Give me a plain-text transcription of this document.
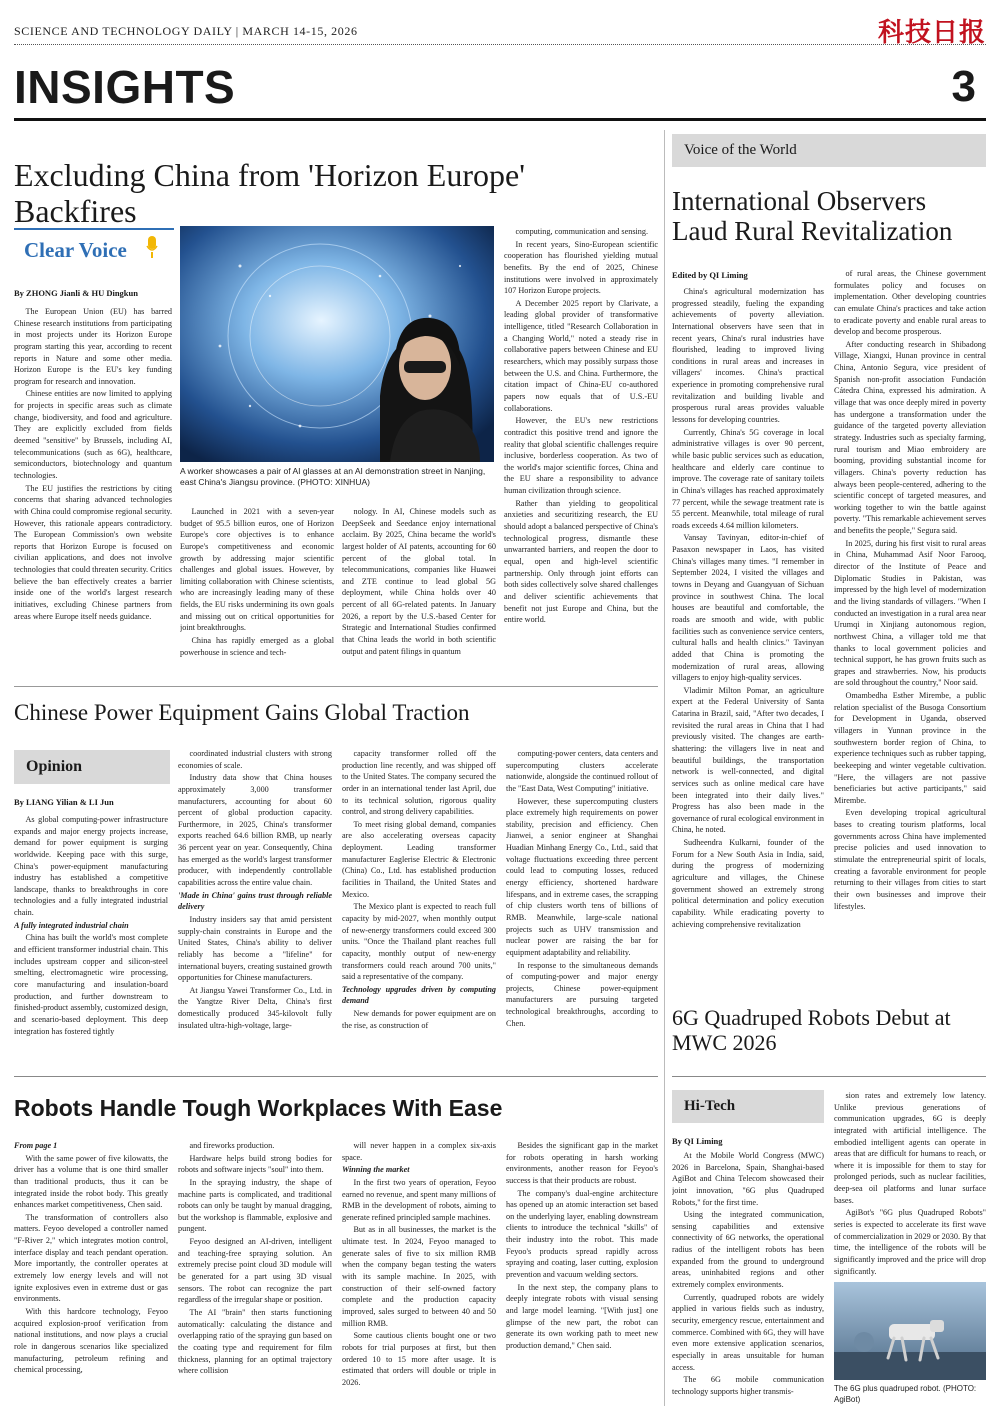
SCIENCE AND TECHNOLOGY DAILY | MARCH 14-15, 2026	科技日报
INSIGHTS	3
Excluding China from 'Horizon Europe' Backfires
Clear Voice
By ZHONG Jianli & HU Dingkun

The European Union (EU) has barred Chinese research institutions from participating in most projects under its Horizon Europe program starting this year, according to recent reports in Nature and some other media. Horizon Europe is the EU's key funding program for research and innovation.

Chinese entities are now limited to applying for projects in specific areas such as climate change, biodiversity, and food and agriculture. They are explicitly excluded from fields deemed "sensitive" by Brussels, including AI, telecommunications (such as 6G), healthcare, semiconductors, biotechnology and quantum technologies.

The EU justifies the restrictions by citing concerns that sharing advanced technologies with China could compromise regional security. However, this rationale appears contradictory. The European Commission's own website reports that Horizon Europe is focused on civilian applications, and does not involve technologies that could threaten security. Critics believe the ban effectively creates a barrier inside one of the world's largest research initiatives, excluding Chinese partners from areas where Europe itself needs guidance.

A worker showcases a pair of AI glasses at an AI demonstration street in Nanjing, east China's Jiangsu province. (PHOTO: XINHUA)

Launched in 2021 with a seven-year budget of 95.5 billion euros, one of Horizon Europe's core objectives is to enhance Europe's competitiveness and economic growth by addressing major scientific challenges and global issues. However, by limiting collaboration with Chinese scientists, who are increasingly leading many of these fields, the EU risks undermining its own goals and missing out on critical opportunities for joint breakthroughs.

China has rapidly emerged as a global powerhouse in science and tech-

nology. In AI, Chinese models such as DeepSeek and Seedance enjoy international acclaim. By 2025, China became the world's largest holder of AI patents, accounting for 60 percent of the global total. In telecommunications, companies like Huawei and ZTE continue to lead global 5G deployment, while China holds over 40 percent of all 6G-related patents. In January 2026, a report by the U.S.-based Center for Strategic and International Studies confirmed that China leads the world in both scientific output and patent filings in quantum

computing, communication and sensing.

In recent years, Sino-European scientific cooperation has flourished yielding mutual benefits. By the end of 2025, Chinese institutions were involved in approximately 107 Horizon Europe projects.

A December 2025 report by Clarivate, a leading global provider of transformative intelligence, titled "Research Collaboration in a Changing World," noted a steady rise in collaborative papers between Chinese and EU researchers, which may possibly surpass those between the U.S. and China. Furthermore, the citation impact of China-EU co-authored papers now equals that of U.S.-EU collaborations.

However, the EU's new restrictions contradict this positive trend and ignore the reality that global scientific challenges require inclusive, borderless cooperation. As two of the world's major scientific forces, China and the EU share a responsibility to advance human civilization through science.

Rather than yielding to geopolitical anxieties and securitizing research, the EU should adopt a balanced perspective of China's technological progress, dismantle these unwarranted barriers, and reopen the door to equal, open and high-level scientific partnership. Only through joint efforts can both sides collectively solve shared challenges and deliver scientific achievements that benefit not just Europe and China, but the entire world.

Chinese Power Equipment Gains Global Traction
Opinion
By LIANG Yilian & LI Jun

As global computing-power infrastructure expands and major energy projects increase, demand for power equipment is surging worldwide. Keeping pace with this surge, China's power-equipment manufacturing industry has established a competitive landscape, thanks to breakthroughs in core technologies and a fully integrated industrial chain.

A fully integrated industrial chain

China has built the world's most complete and efficient transformer industrial chain. This includes upstream copper and silicon-steel smelting, electromagnetic wire processing, core manufacturing and insulation-board production, and further downstream to finished-product assembly, customized design, and scenario-based deployment. This deep integration has fostered tightly

coordinated industrial clusters with strong economies of scale.

Industry data show that China houses approximately 3,000 transformer manufacturers, accounting for about 60 percent of global production capacity. Furthermore, in 2025, China's transformer exports reached 64.6 billion RMB, up nearly 36 percent year on year. Consequently, China has emerged as the world's largest transformer producer, with independently controllable capabilities across the entire value chain.

'Made in China' gains trust through reliable delivery

Industry insiders say that amid persistent supply-chain constraints in Europe and the United States, China's ability to deliver reliably has become a "lifeline" for international buyers, creating sustained growth opportunities for Chinese manufacturers.

At Jiangsu Yawei Transformer Co., Ltd. in the Yangtze River Delta, China's first domestically produced 345-kilovolt fully insulated ultra-high-voltage, large-

capacity transformer rolled off the production line recently, and was shipped off to the United States. The company secured the order in an international tender last April, due to its technical solution, rigorous quality control, and strong delivery capabilities.

To meet rising global demand, companies are also accelerating overseas capacity deployment. Leading transformer manufacturer Eaglerise Electric & Electronic (China) Co., Ltd. has established production facilities in Thailand, the United States and Mexico.

The Mexico plant is expected to reach full capacity by mid-2027, when monthly output of new-energy transformers could exceed 300 units. "Once the Thailand plant reaches full capacity, monthly output of new-energy transformers could reach around 700 units," said a representative of the company.

Technology upgrades driven by computing demand

New demands for power equipment are on the rise, as construction of

computing-power centers, data centers and supercomputing clusters accelerate nationwide, alongside the continued rollout of the "East Data, West Computing" initiative.

However, these supercomputing clusters place extremely high requirements on power stability, precision and efficiency. Chen Jianwei, a senior engineer at Shanghai Huadian Minhang Energy Co., Ltd., said that voltage fluctuations exceeding three percent could lead to computing losses, reduced energy efficiency, shortened hardware lifespans, and in extreme cases, the scrapping of chip clusters worth tens of billions of RMB. Meanwhile, large-scale national projects such as UHV transmission and nuclear power are raising the bar for equipment adaptability and reliability.

In response to the simultaneous demands of computing-power and major energy projects, Chinese power-equipment manufacturers are pursuing targeted technological breakthroughs, according to Chen.

Robots Handle Tough Workplaces With Ease

From page 1

With the same power of five kilowatts, the driver has a volume that is one third smaller than traditional products, thus it can be integrated inside the robot body. This greatly enhances market competitiveness, Chen said.

The transformation of controllers also matters. Feyoo developed a controller named "F-River 2," which integrates motion control, interface display and teach pendant operation. More importantly, the controller operates at extremely low energy levels and will not ignite explosives even in extreme dust or gas environments.

With this hardcore technology, Feyoo acquired explosion-proof verification from national institutions, and now plays a crucial role in dangerous scenarios like specialized manufacturing, petroleum refining and chemical processing,

and fireworks production.

Hardware helps build strong bodies for robots and software injects "soul" into them.

In the spraying industry, the shape of machine parts is complicated, and traditional robots can only be taught by manual dragging, but the workshop is flammable, explosive and pungent.

Feyoo designed an AI-driven, intelligent and teaching-free spraying solution. An extremely precise point cloud 3D module will be generated for a part using 3D visual sensors. The robot can recognize the part regardless of the irregular shape or position.

The AI "brain" then starts functioning automatically: calculating the distance and overlapping ratio of the spraying gun based on the coating type and requirement for film thickness, planning for an optimal trajectory where collision

will never happen in a complex six-axis space.

Winning the market

In the first two years of operation, Feyoo earned no revenue, and spent many millions of RMB in the development of robots, aiming to generate refined principled sample machines.

But as in all businesses, the market is the ultimate test. In 2024, Feyoo managed to generate sales of five to six million RMB when the company began testing the waters with its sample machine. In 2025, with construction of their self-owned factory complete and the production capacity improved, sales surged to between 40 and 50 million RMB.

Some cautious clients bought one or two robots for trial purposes at first, but then ordered 10 to 15 more after usage. It is estimated that orders will double or triple in 2026.

Besides the significant gap in the market for robots operating in harsh working environments, another reason for Feyoo's success is that their products are robust.

The company's dual-engine architecture has opened up an atomic interaction set based on the underlying layer, enabling downstream clients to introduce the technical "skills" of their industry into the robot. This made Feyoo's products spread rapidly across spraying and coating, laser cutting, explosion prevention and vacuum welding sectors.

In the next step, the company plans to deeply integrate robots with visual sensing and large model learning. "[With just] one glimpse of the new part, the robot can generate its own working path to meet new production demand," Chen said.

Voice of the World
International Observers Laud Rural Revitalization
Edited by QI Liming

China's agricultural modernization has progressed steadily, fueling the expanding achievements of poverty alleviation. International observers have seen that in recent years, China's rural industries have flourished, leading to improved living conditions in rural areas and increases in villagers' incomes. China's practical experience in promoting comprehensive rural revitalization and building livable and prosperous rural areas provides valuable lessons for developing countries.

Currently, China's 5G coverage in local administrative villages is over 90 percent, while basic public services such as education, healthcare and elderly care continue to improve. The coverage rate of sanitary toilets in China's villages has reached approximately 77 percent, while the sewage treatment rate is 55 percent. Meanwhile, total mileage of rural roads exceeds 4.64 million kilometers.

Vansay Tavinyan, editor-in-chief of Pasaxon newspaper in Laos, has visited China's villages many times. "I remember in September 2024, I visited the villages and towns in Deyang and Guangyuan of Sichuan province in southwest China. The local houses are beautiful and comfortable, the roads are smooth and wide, with public facilities such as convenience service centers, cultural halls and health clinics." Tavinyan added that China is promoting the modernization of rural areas, allowing villagers to enjoy high-quality services.

Vladimir Milton Pomar, an agriculture expert at the Federal University of Santa Catarina in Brazil, said, "After two decades, I revisited the rural areas in China that I had previously visited. The changes are earth-shattering: the villagers live in neat and beautiful buildings, the transportation network is well-connected, and digital services such as online medical care have been integrated into their daily lives." Progress has also been made in the governance of rural ecological environment in China, he noted.

Sudheendra Kulkarni, founder of the Forum for a New South Asia in India, said, during the progress of modernizing agriculture and villages, the Chinese government showed an extremely strong political determination and policy execution capability. While eradicating poverty to achieving comprehensive revitalization

of rural areas, the Chinese government formulates policy and focuses on implementation. Other developing countries can emulate China's practices and take action to eradicate poverty and enable rural areas to develop and become prosperous.

After conducting research in Shibadong Village, Xiangxi, Hunan province in central China, Antonio Segura, vice president of Spanish non-profit association Fundación Cátedra China, expressed his admiration. A village that was once deeply mired in poverty has undergone a transformation under the guidance of the targeted poverty alleviation strategy. Industries such as specialty farming, rural tourism and Miao embroidery are booming, providing substantial income for villagers. China's poverty reduction has always been people-centered, adhering to the scientific concept of targeted measures, and working together to win the battle against poverty. "This remarkable achievement serves and benefits the people," Segura said.

In 2025, during his first visit to rural areas in China, Muhammad Asif Noor Farooq, director of the Institute of Peace and Diplomatic Studies in Pakistan, was impressed by the high level of modernization and the living standards of villagers. "When I conducted an investigation in a rural area near Urumqi in Xinjiang autonomous region, northwest China, a villager told me that thanks to local government policies and technical support, he has grown fruits such as grapes and strawberries. Now, his products are sold throughout the country," Noor said.

Omambedha Esther Mirembe, a public relation specialist of the Busoga Consortium for Development in Uganda, observed villagers in Yunnan province in the southwestern border region of China, to experience techniques such as rubber tapping, beekeeping and winter vegetable cultivation. "Here, the villagers are not passive beneficiaries but active participants," said Mirembe.

Even developing tropical agricultural bases to creating tourism platforms, local governments across China have implemented precise policies and used innovation to stimulate the entrepreneurial spirit of locals, creating a favorable environment for people returning to their villages from cities to start their own businesses and improve their lifestyles.

6G Quadruped Robots Debut at MWC 2026
Hi-Tech
By QI Liming

At the Mobile World Congress (MWC) 2026 in Barcelona, Spain, Shanghai-based AgiBot and China Telecom showcased their joint innovation, "6G plus Quadruped Robots," for the first time.

Using the integrated communication, sensing capabilities and extensive connectivity of 6G networks, the operational radius of the intelligent robots has been expanded from the ground to underground areas, uninhabited regions and other extremely complex environments.

Currently, quadruped robots are widely applied in various fields such as industry, security, emergency rescue, entertainment and commerce. Combined with 6G, they will have even more extensive application scenarios, especially in areas unsuitable for human access.

The 6G mobile communication technology supports higher transmis-

sion rates and extremely low latency. Unlike previous generations of communication upgrades, 6G is deeply integrated with artificial intelligence. The embodied intelligent agents can operate in areas that are difficult for humans to reach, or where it is impossible for them to stay for prolonged periods, such as nuclear facilities, deep-sea oil platforms and lunar surface bases.

AgiBot's "6G plus Quadruped Robots" series is expected to accelerate its first wave of commercialization in 2029 or 2030. By that time, the intelligence of the robots will be significantly improved and the price will drop significantly.

The 6G plus quadruped robot. (PHOTO: AgiBot)
